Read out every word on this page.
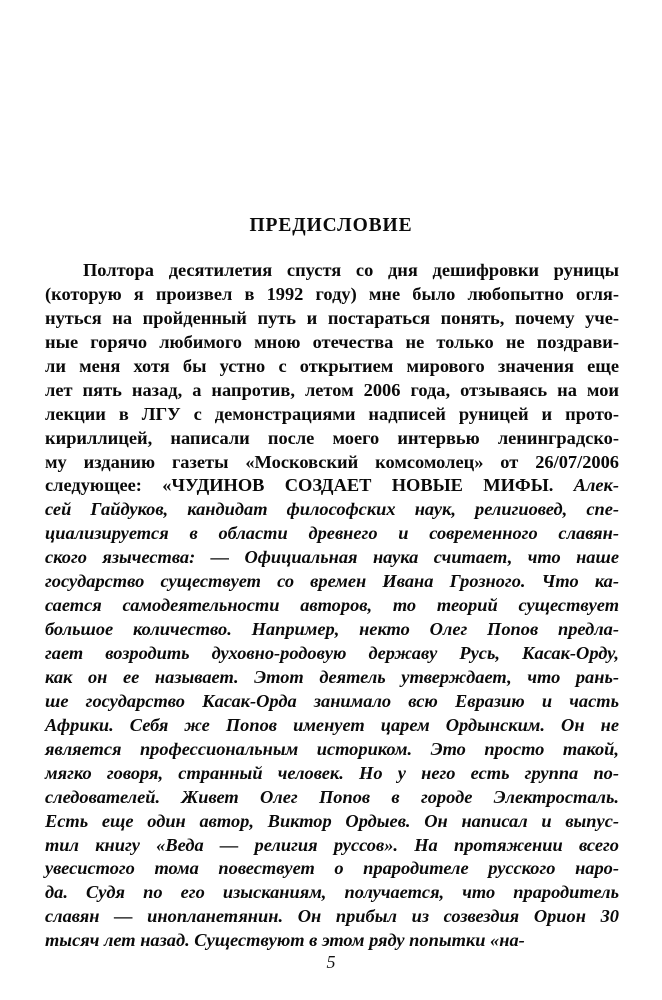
ПРЕДИСЛОВИЕ
Полтора десятилетия спустя со дня дешифровки руницы
(которую я произвел в 1992 году) мне было любопытно огля-
нуться на пройденный путь и постараться понять, почему уче-
ные горячо любимого мною отечества не только не поздрави-
ли меня хотя бы устно с открытием мирового значения еще
лет пять назад, а напротив, летом 2006 года, отзываясь на мои
лекции в ЛГУ с демонстрациями надписей руницей и прото-
кириллицей, написали после моего интервью ленинградско-
му изданию газеты «Московский комсомолец» от 26/07/2006
следующее: «ЧУДИНОВ СОЗДАЕТ НОВЫЕ МИФЫ. Алек-
сей Гайдуков, кандидат философских наук, религиовед, спе-
циализируется в области древнего и современного славян-
ского язычества: — Официальная наука считает, что наше
государство существует со времен Ивана Грозного. Что ка-
сается самодеятельности авторов, то теорий существует
большое количество. Например, некто Олег Попов предла-
гает возродить духовно-родовую державу Русь, Касак-Орду,
как он ее называет. Этот деятель утверждает, что рань-
ше государство Касак-Орда занимало всю Евразию и часть
Африки. Себя же Попов именует царем Ордынским. Он не
является профессиональным историком. Это просто такой,
мягко говоря, странный человек. Но у него есть группа по-
следователей. Живет Олег Попов в городе Электросталь.
Есть еще один автор, Виктор Ордыев. Он написал и выпус-
тил книгу «Веда — религия руссов». На протяжении всего
увесистого тома повествует о прародителе русского наро-
да. Судя по его изысканиям, получается, что прародитель
славян — инопланетянин. Он прибыл из созвездия Орион 30
тысяч лет назад. Существуют в этом ряду попытки «на-
5
